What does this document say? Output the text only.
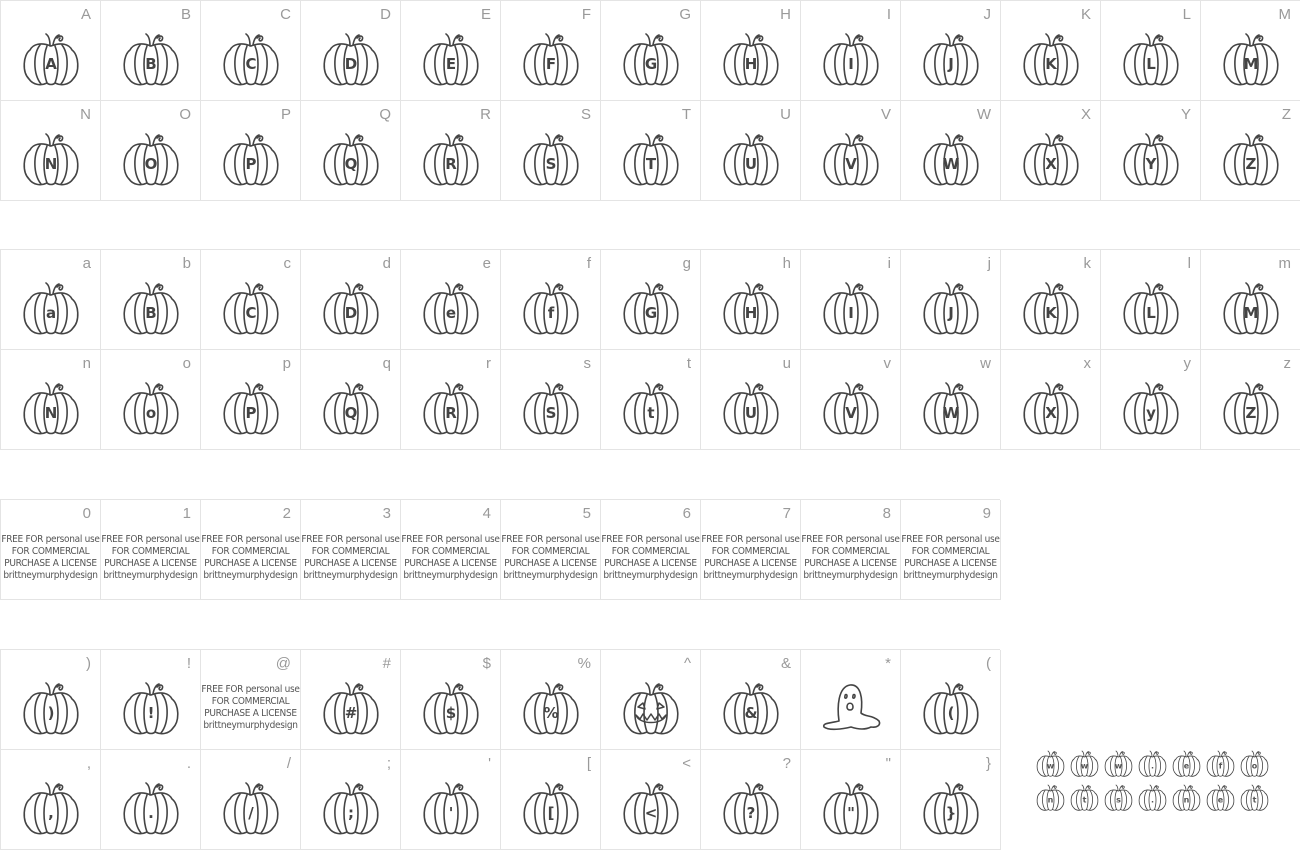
A
A
B
B
C
C
D
D
E
E
F
F
G
G
H
H
I
I
J
J
K
K
L
L
M
M
N
N
O
O
P
P
Q
Q
R
R
S
S
T
T
U
U
V
V
W
W
X
X
Y
Y
Z
Z
a
a
b
B
c
C
d
D
e
e
f
f
g
G
h
H
i
I
j
J
k
K
l
L
m
M
n
N
o
o
p
P
q
Q
r
R
s
S
t
t
u
U
v
V
w
W
x
X
y
y
z
Z
0
FREE FOR personal use
FOR COMMERCIAL
PURCHASE A LICENSE
brittneymurphydesign
1
FREE FOR personal use
FOR COMMERCIAL
PURCHASE A LICENSE
brittneymurphydesign
2
FREE FOR personal use
FOR COMMERCIAL
PURCHASE A LICENSE
brittneymurphydesign
3
FREE FOR personal use
FOR COMMERCIAL
PURCHASE A LICENSE
brittneymurphydesign
4
FREE FOR personal use
FOR COMMERCIAL
PURCHASE A LICENSE
brittneymurphydesign
5
FREE FOR personal use
FOR COMMERCIAL
PURCHASE A LICENSE
brittneymurphydesign
6
FREE FOR personal use
FOR COMMERCIAL
PURCHASE A LICENSE
brittneymurphydesign
7
FREE FOR personal use
FOR COMMERCIAL
PURCHASE A LICENSE
brittneymurphydesign
8
FREE FOR personal use
FOR COMMERCIAL
PURCHASE A LICENSE
brittneymurphydesign
9
FREE FOR personal use
FOR COMMERCIAL
PURCHASE A LICENSE
brittneymurphydesign
)
)
!
!
@
FREE FOR personal use
FOR COMMERCIAL
PURCHASE A LICENSE
brittneymurphydesign
#
#
$
$
%
%
^	&
&
*	(
(
,
,
.
.
/
/
;
;
'
'
[
[
<
<
?
?
"
"
}
}
w w w . e f o
n t s . n e t
